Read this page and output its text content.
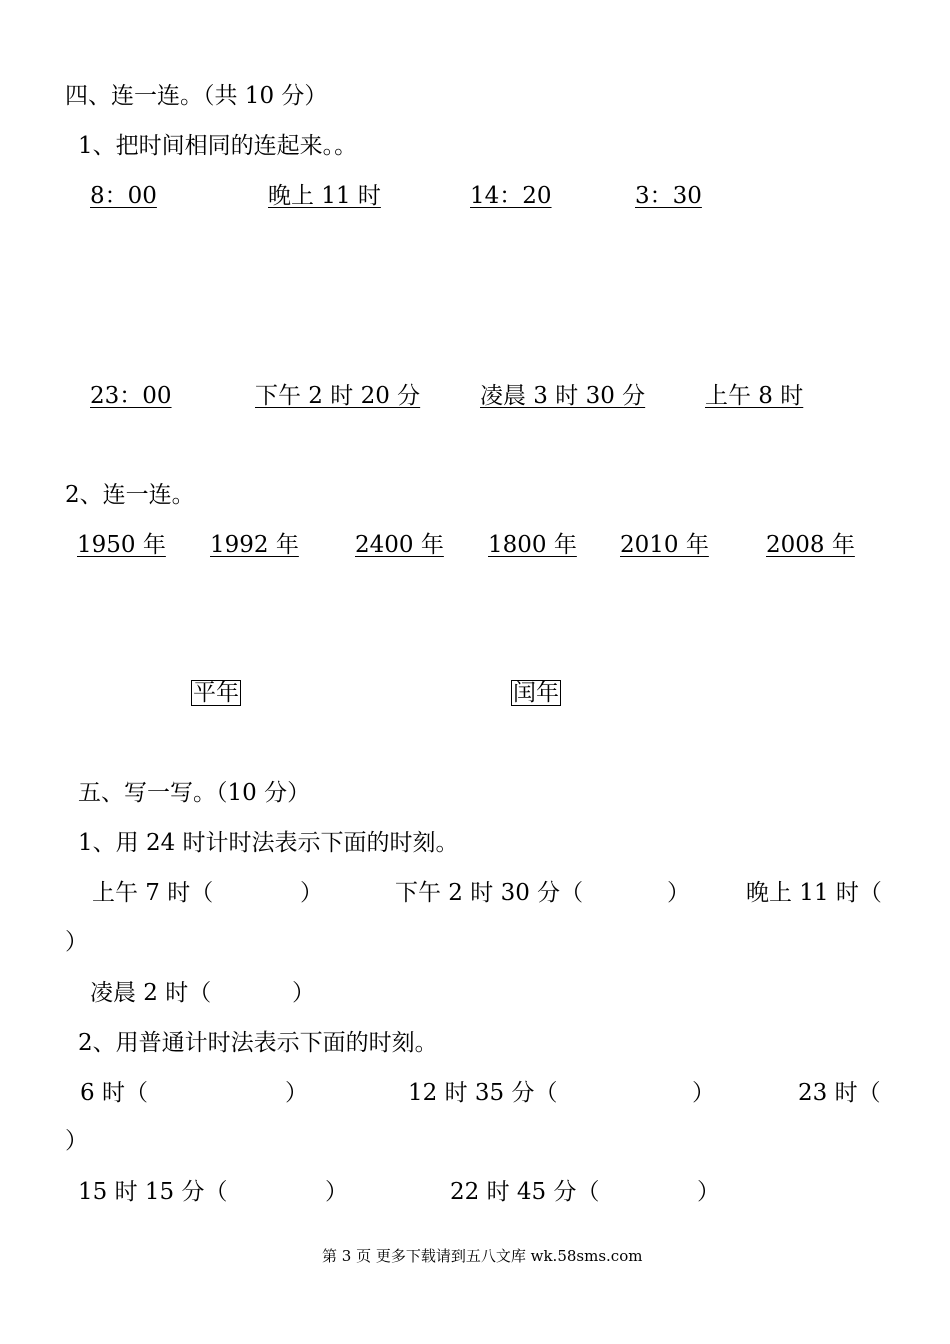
四、连一连。（共 10 分）
1、把时间相同的连起来。。
8：00	晚上 11 时	14：20	3：30
23：00	下午 2 时 20 分	凌晨 3 时 30 分	上午 8 时
2、连一连。
1950 年 1992 年 2400 年 1800 年 2010 年 2008 年
平年	闰年
五、写一写。（10 分）
1、用 24 时计时法表示下面的时刻。
上午 7 时（	）	下午 2 时 30 分（	） 晚上 11 时（
）
凌晨 2 时（	）
2、用普通计时法表示下面的时刻。
6 时（	）	12 时 35 分（	）	23 时（
）
15 时 15 分（	）	22 时 45 分（	）
第 3 页 更多下载请到五八文库 wk.58sms.com
